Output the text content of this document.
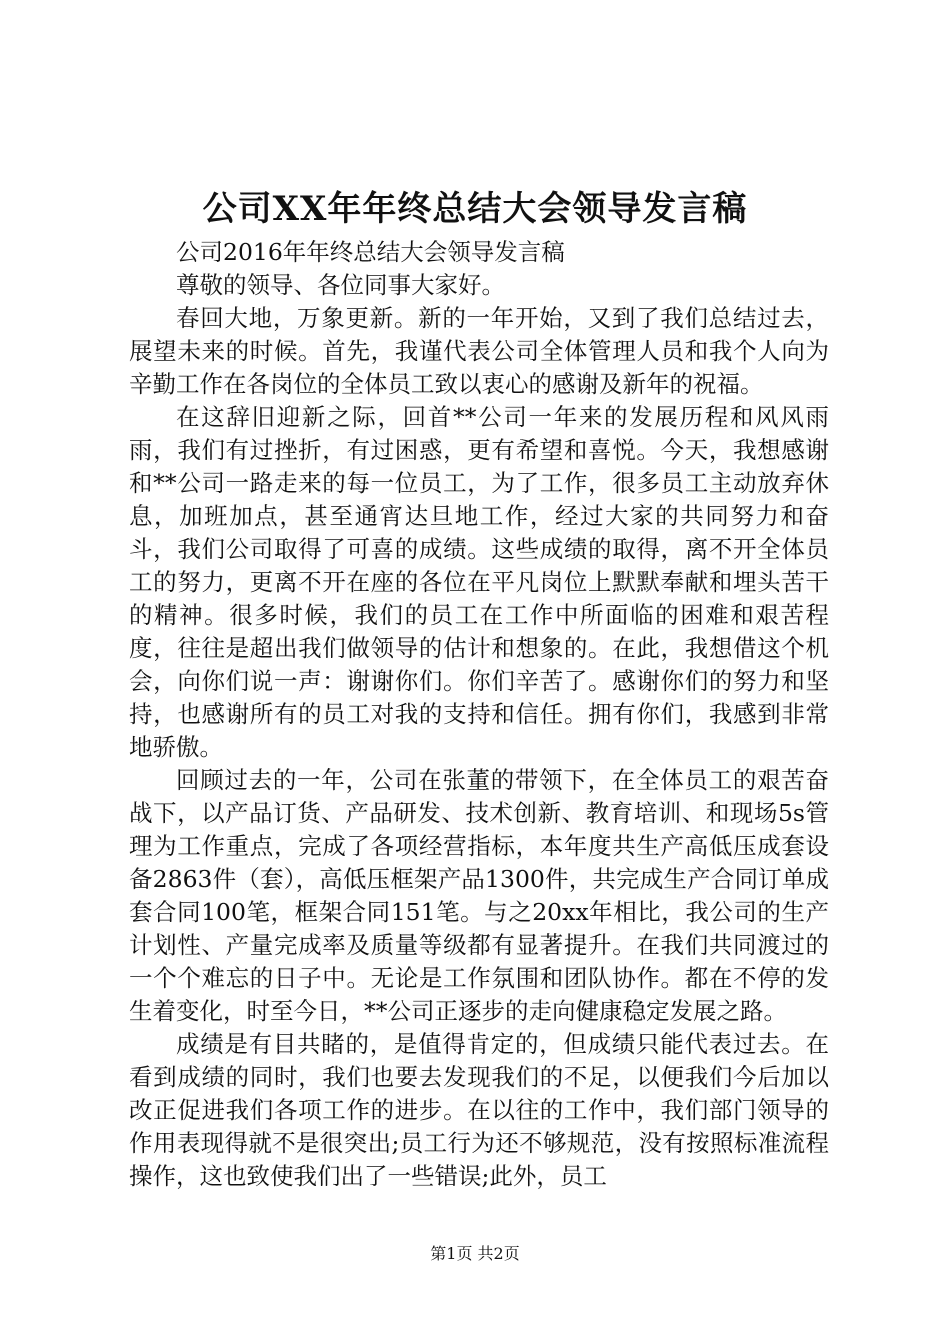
公司XX年年终总结大会领导发言稿

公司2016年年终总结大会领导发言稿

尊敬的领导、各位同事大家好。

春回大地，万象更新。新的一年开始，又到了我们总结过去，展望未来的时候。首先，我谨代表公司全体管理人员和我个人向为辛勤工作在各岗位的全体员工致以衷心的感谢及新年的祝福。

在这辞旧迎新之际，回首**公司一年来的发展历程和风风雨雨，我们有过挫折，有过困惑，更有希望和喜悦。今天，我想感谢和**公司一路走来的每一位员工，为了工作，很多员工主动放弃休息，加班加点，甚至通宵达旦地工作，经过大家的共同努力和奋斗，我们公司取得了可喜的成绩。这些成绩的取得，离不开全体员工的努力，更离不开在座的各位在平凡岗位上默默奉献和埋头苦干的精神。很多时候，我们的员工在工作中所面临的困难和艰苦程度，往往是超出我们做领导的估计和想象的。在此，我想借这个机会，向你们说一声：谢谢你们。你们辛苦了。感谢你们的努力和坚持，也感谢所有的员工对我的支持和信任。拥有你们，我感到非常地骄傲。

回顾过去的一年，公司在张董的带领下，在全体员工的艰苦奋战下，以产品订货、产品研发、技术创新、教育培训、和现场5s管理为工作重点，完成了各项经营指标，本年度共生产高低压成套设备2863件（套），高低压框架产品1300件，共完成生产合同订单成套合同100笔，框架合同151笔。与之20xx年相比，我公司的生产计划性、产量完成率及质量等级都有显著提升。在我们共同渡过的一个个难忘的日子中。无论是工作氛围和团队协作。都在不停的发生着变化，时至今日，**公司正逐步的走向健康稳定发展之路。

成绩是有目共睹的，是值得肯定的，但成绩只能代表过去。在看到成绩的同时，我们也要去发现我们的不足，以便我们今后加以改正促进我们各项工作的进步。在以往的工作中，我们部门领导的作用表现得就不是很突出;员工行为还不够规范，没有按照标准流程操作，这也致使我们出了一些错误;此外，员工

第1页 共2页
